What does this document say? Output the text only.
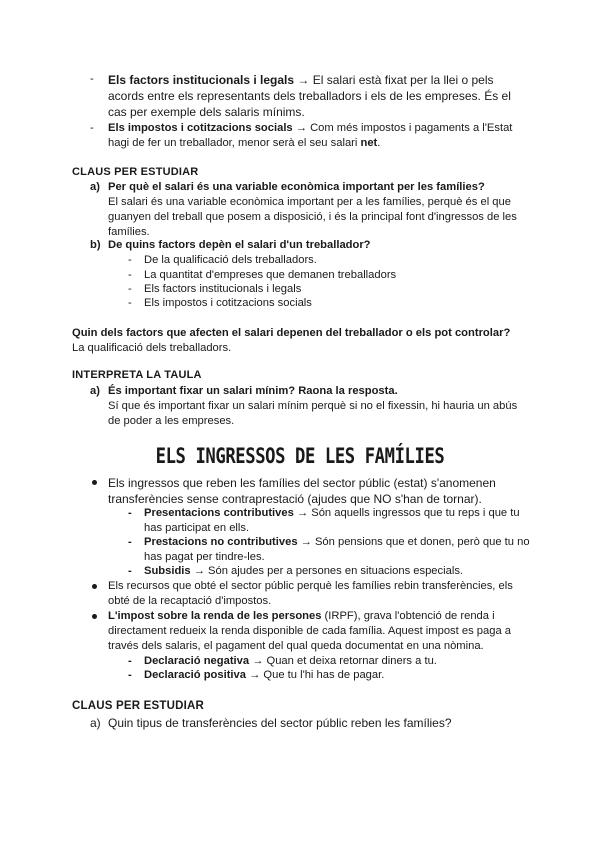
- Els factors institucionals i legals → El salari està fixat per la llei o pels
acords entre els representants dels treballadors i els de les empreses. És el
cas per exemple dels salaris mínims.
- Els impostos i cotitzacions socials → Com més impostos i pagaments a l'Estat
hagi de fer un treballador, menor serà el seu salari net.
CLAUS PER ESTUDIAR
a) Per què el salari és una variable econòmica important per les famílies?
El salari és una variable econòmica important per a les famílies, perquè és el que
guanyen del treball que posem a disposició, i és la principal font d'ingressos de les
famílies.
b) De quins factors depèn el salari d'un treballador?
- De la qualificació dels treballadors.
- La quantitat d'empreses que demanen treballadors
- Els factors institucionals i legals
- Els impostos i cotitzacions socials
Quin dels factors que afecten el salari depenen del treballador o els pot controlar?
La qualificació dels treballadors.
INTERPRETA LA TAULA
a) És important fixar un salari mínim? Raona la resposta.
Sí que és important fixar un salari mínim perquè si no el fixessin, hi hauria un abús
de poder a les empreses.
ELS INGRESSOS DE LES FAMÍLIES
Els ingressos que reben les famílies del sector públic (estat) s'anomenen
transferències sense contraprestació (ajudes que NO s'han de tornar).
- Presentacions contributives → Són aquells ingressos que tu reps i que tu
has participat en ells.
- Prestacions no contributives → Són pensions que et donen, però que tu no
has pagat per tindre-les.
- Subsidis → Són ajudes per a persones en situacions especials.
Els recursos que obté el sector públic perquè les famílies rebin transferències, els
obté de la recaptació d'impostos.
L'impost sobre la renda de les persones (IRPF), grava l'obtenció de renda i
directament redueix la renda disponible de cada família. Aquest impost es paga a
través dels salaris, el pagament del qual queda documentat en una nòmina.
- Declaració negativa → Quan et deixa retornar diners a tu.
- Declaració positiva → Que tu l'hi has de pagar.
CLAUS PER ESTUDIAR
a) Quin tipus de transferències del sector públic reben les famílies?
